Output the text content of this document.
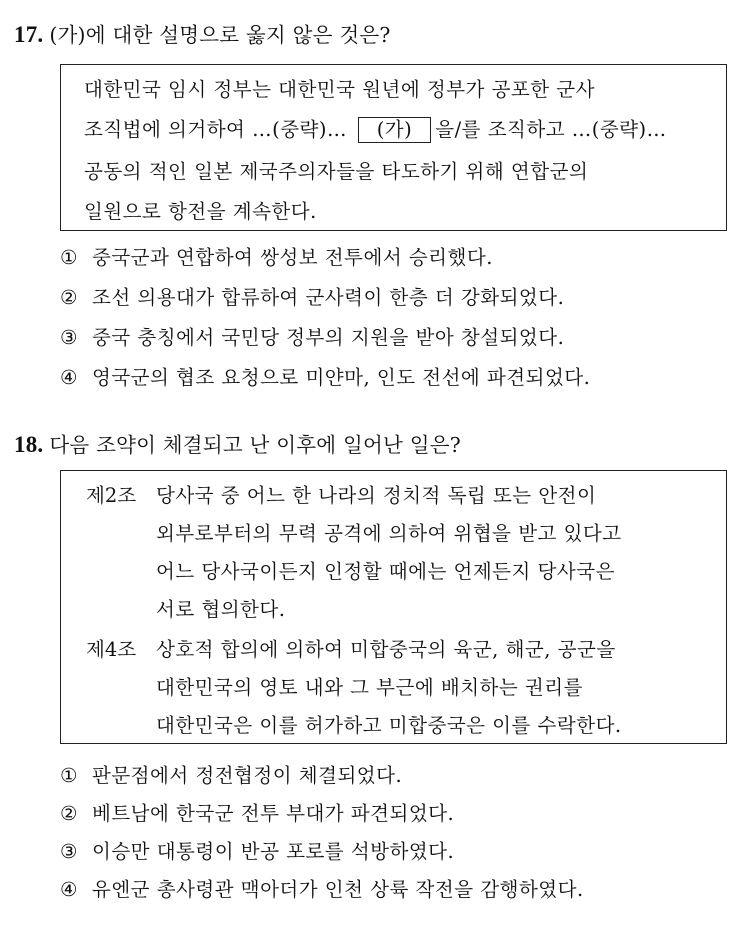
17. (가)에 대한 설명으로 옳지 않은 것은?
대한민국 임시 정부는 대한민국 원년에 정부가 공포한 군사
조직법에 의거하여 …(중략)… (가) 을/를 조직하고 …(중략)…
공동의 적인 일본 제국주의자들을 타도하기 위해 연합군의
일원으로 항전을 계속한다.
① 중국군과 연합하여 쌍성보 전투에서 승리했다.
② 조선 의용대가 합류하여 군사력이 한층 더 강화되었다.
③ 중국 충칭에서 국민당 정부의 지원을 받아 창설되었다.
④ 영국군의 협조 요청으로 미얀마, 인도 전선에 파견되었다.
18. 다음 조약이 체결되고 난 이후에 일어난 일은?
제2조 당사국 중 어느 한 나라의 정치적 독립 또는 안전이
외부로부터의 무력 공격에 의하여 위협을 받고 있다고
어느 당사국이든지 인정할 때에는 언제든지 당사국은
서로 협의한다.
제4조 상호적 합의에 의하여 미합중국의 육군, 해군, 공군을
대한민국의 영토 내와 그 부근에 배치하는 권리를
대한민국은 이를 허가하고 미합중국은 이를 수락한다.
① 판문점에서 정전협정이 체결되었다.
② 베트남에 한국군 전투 부대가 파견되었다.
③ 이승만 대통령이 반공 포로를 석방하였다.
④ 유엔군 총사령관 맥아더가 인천 상륙 작전을 감행하였다.
